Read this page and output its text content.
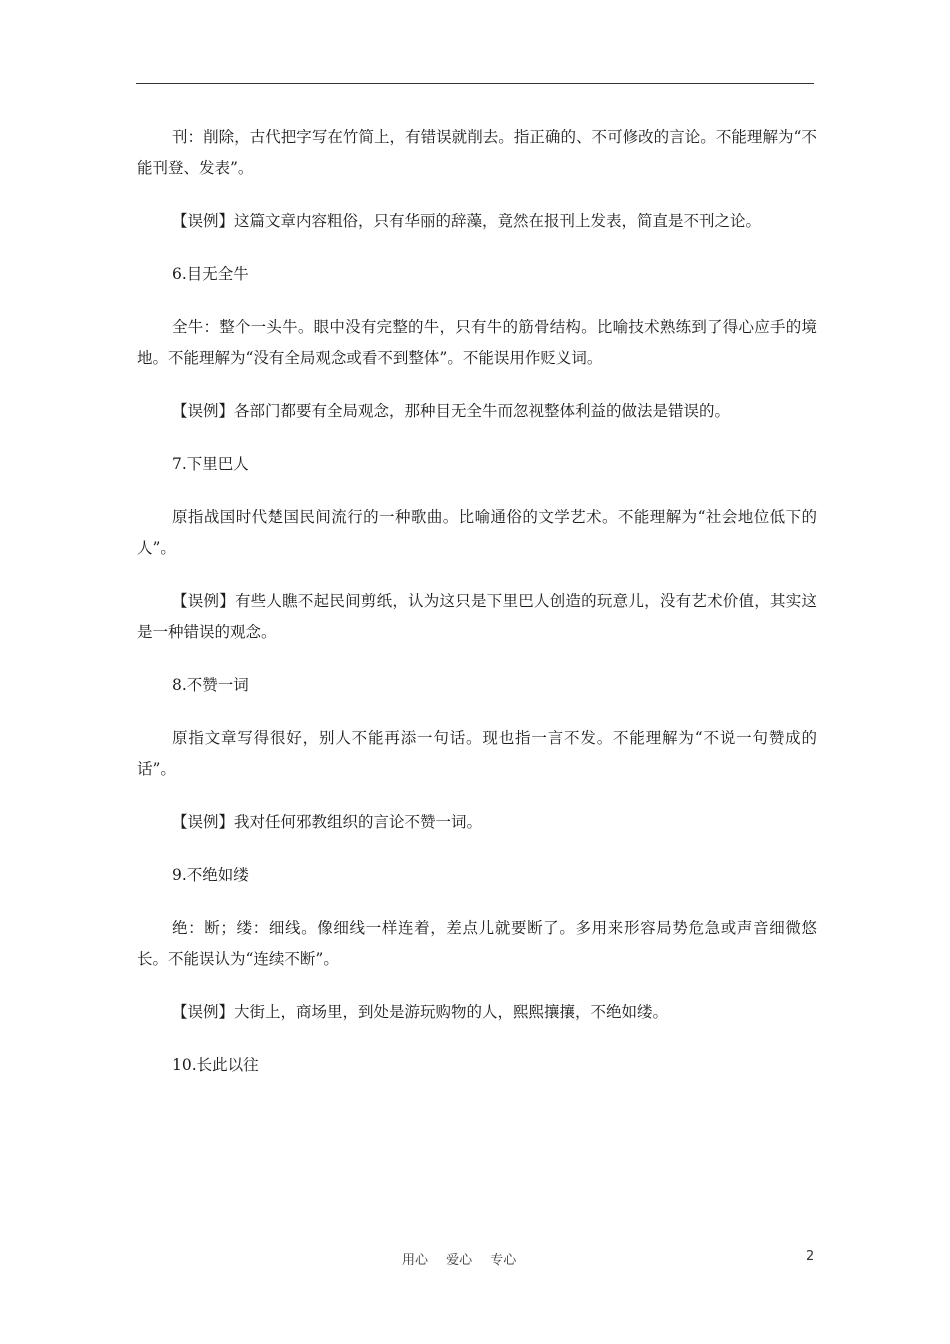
刊：削除，古代把字写在竹简上，有错误就削去。指正确的、不可修改的言论。不能理解为“不能刊登、发表”。

【误例】这篇文章内容粗俗，只有华丽的辞藻，竟然在报刊上发表，简直是不刊之论。

6.目无全牛

全牛：整个一头牛。眼中没有完整的牛，只有牛的筋骨结构。比喻技术熟练到了得心应手的境地。不能理解为“没有全局观念或看不到整体”。不能误用作贬义词。

【误例】各部门都要有全局观念，那种目无全牛而忽视整体利益的做法是错误的。

7.下里巴人

原指战国时代楚国民间流行的一种歌曲。比喻通俗的文学艺术。不能理解为“社会地位低下的人”。

【误例】有些人瞧不起民间剪纸，认为这只是下里巴人创造的玩意儿，没有艺术价值，其实这是一种错误的观念。

8.不赞一词

原指文章写得很好，别人不能再添一句话。现也指一言不发。不能理解为“不说一句赞成的话”。

【误例】我对任何邪教组织的言论不赞一词。

9.不绝如缕

绝：断；缕：细线。像细线一样连着，差点儿就要断了。多用来形容局势危急或声音细微悠长。不能误认为“连续不断”。

【误例】大街上，商场里，到处是游玩购物的人，熙熙攘攘，不绝如缕。

10.长此以往

用心 爱心 专心	2
